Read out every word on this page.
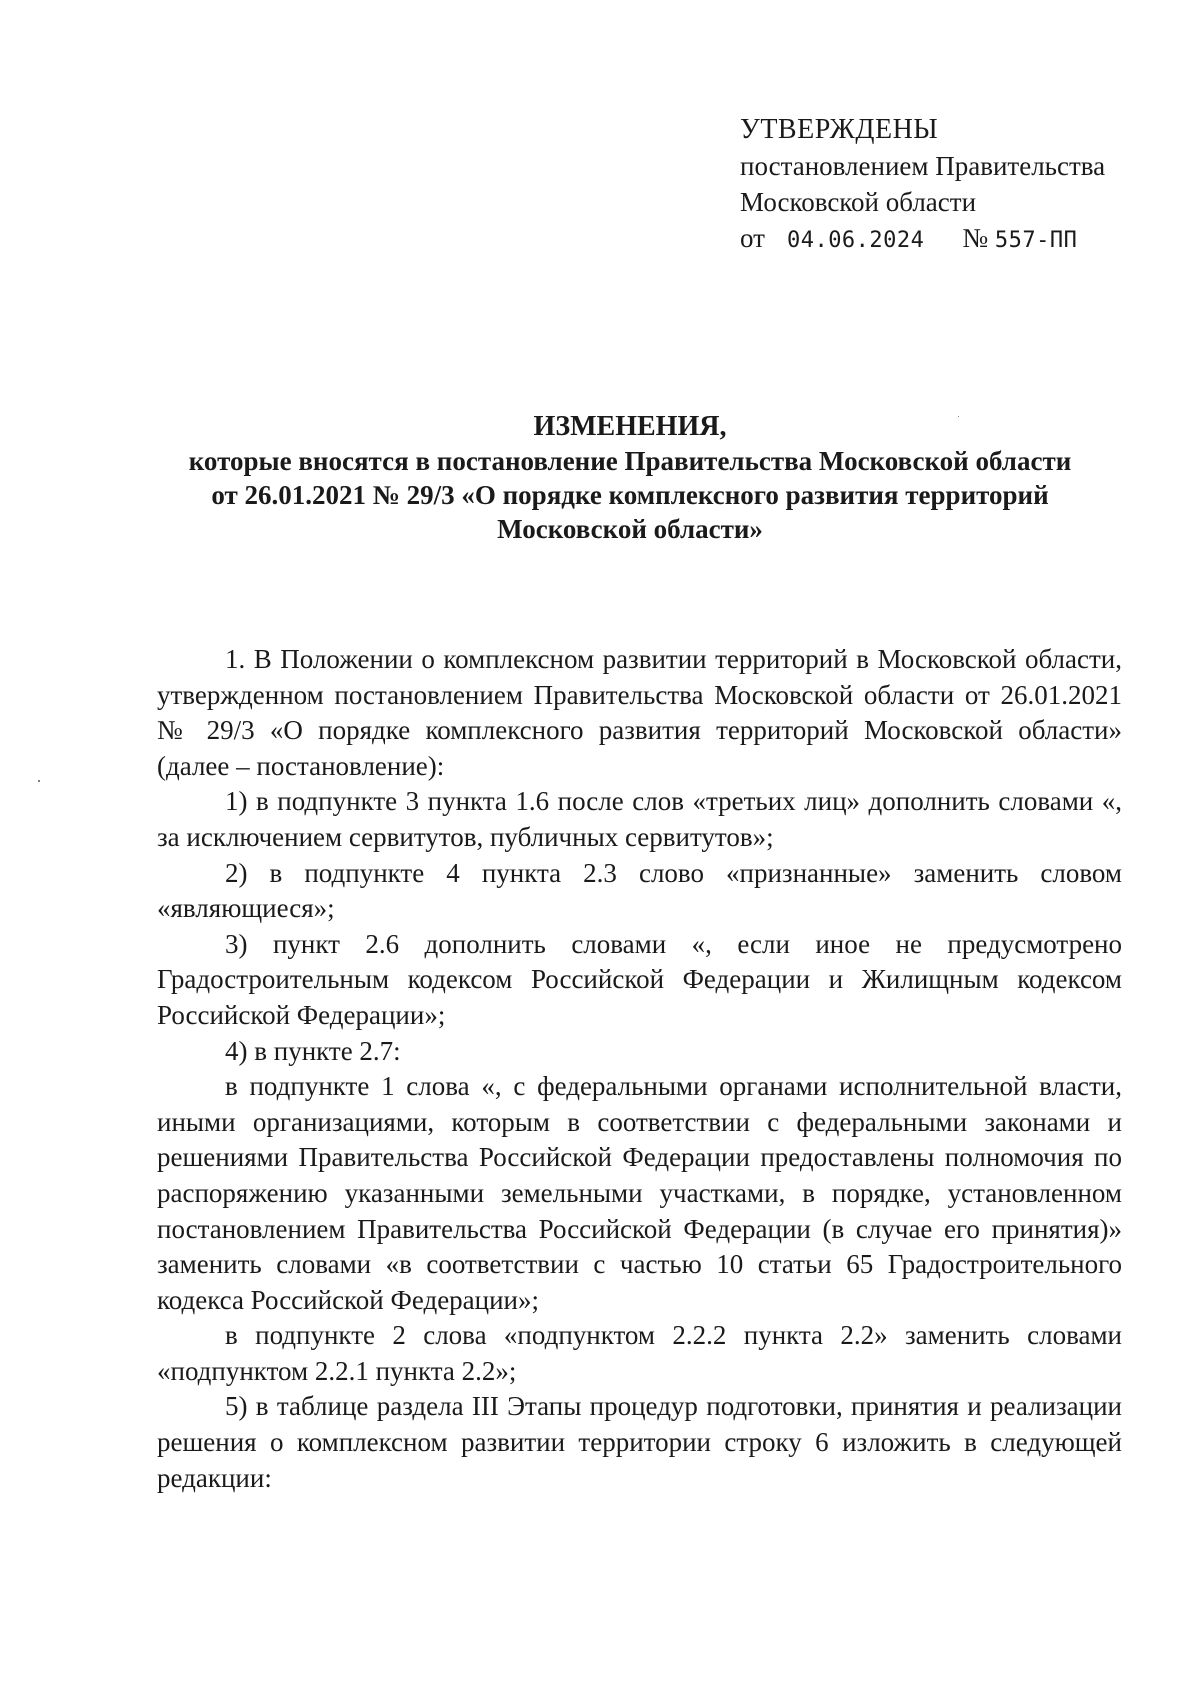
УТВЕРЖДЕНЫ
постановлением Правительства
Московской области
от 04.06.2024 № 557-ПП
ИЗМЕНЕНИЯ,
которые вносятся в постановление Правительства Московской области
от 26.01.2021 № 29/3 «О порядке комплексного развития территорий
Московской области»

1. В Положении о комплексном развитии территорий в Московской области, утвержденном постановлением Правительства Московской области от 26.01.2021 № 29/3 «О порядке комплексного развития территорий Московской области» (далее – постановление):

1) в подпункте 3 пункта 1.6 после слов «третьих лиц» дополнить словами «, за исключением сервитутов, публичных сервитутов»;

2) в подпункте 4 пункта 2.3 слово «признанные» заменить словом «являющиеся»;

3) пункт 2.6 дополнить словами «, если иное не предусмотрено Градостроительным кодексом Российской Федерации и Жилищным кодексом Российской Федерации»;

4) в пункте 2.7:

в подпункте 1 слова «, с федеральными органами исполнительной власти, иными организациями, которым в соответствии с федеральными законами и решениями Правительства Российской Федерации предоставлены полномочия по распоряжению указанными земельными участками, в порядке, установленном постановлением Правительства Российской Федерации (в случае его принятия)» заменить словами «в соответствии с частью 10 статьи 65 Градостроительного кодекса Российской Федерации»;

в подпункте 2 слова «подпунктом 2.2.2 пункта 2.2» заменить словами «подпунктом 2.2.1 пункта 2.2»;

5) в таблице раздела III Этапы процедур подготовки, принятия и реализации решения о комплексном развитии территории строку 6 изложить в следующей редакции:
